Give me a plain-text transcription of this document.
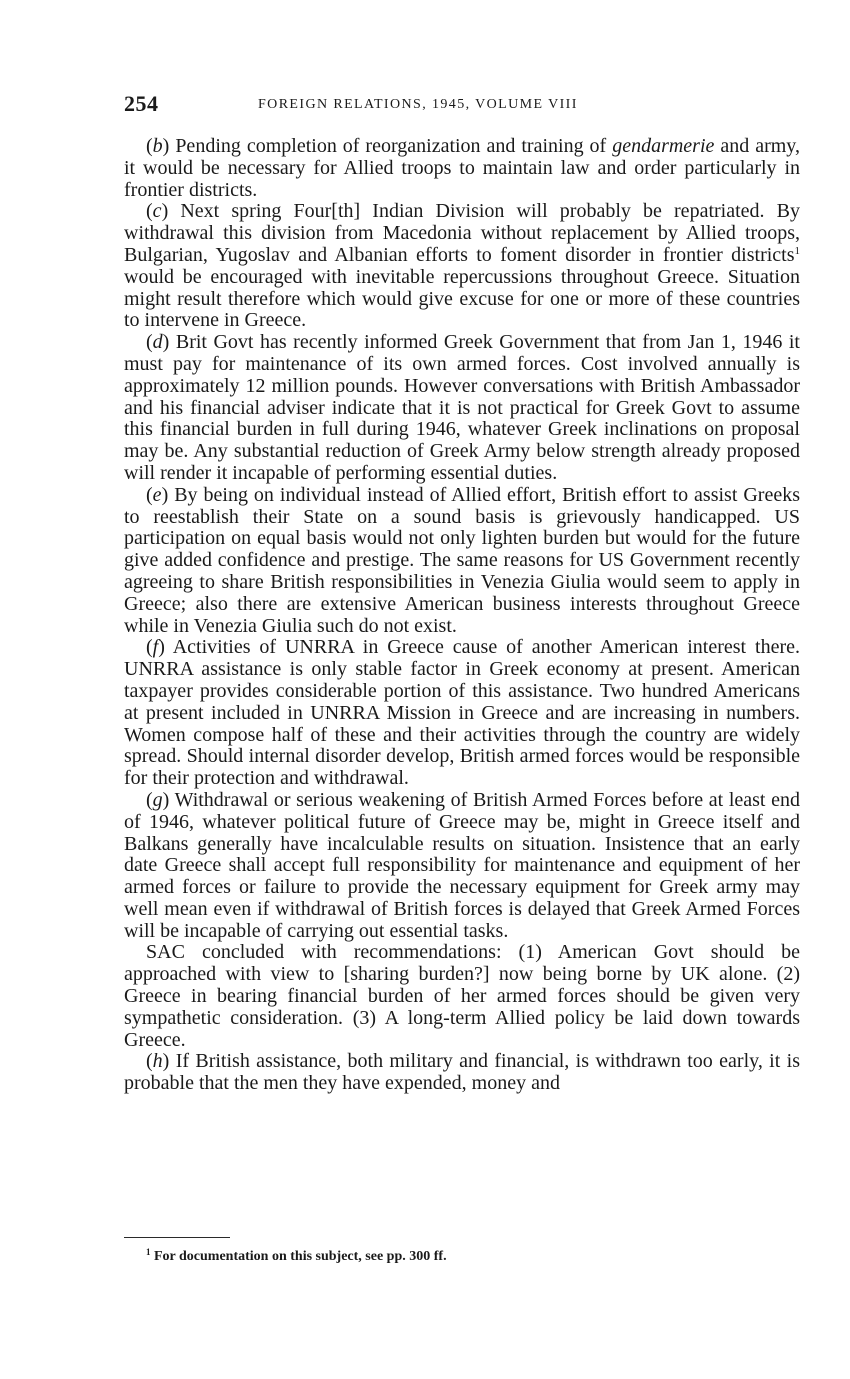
254	FOREIGN RELATIONS, 1945, VOLUME VIII

(b) Pending completion of reorganization and training of gendarmerie and army, it would be necessary for Allied troops to maintain law and order particularly in frontier districts.

(c) Next spring Four[th] Indian Division will probably be repatriated. By withdrawal this division from Macedonia without replacement by Allied troops, Bulgarian, Yugoslav and Albanian efforts to foment disorder in frontier districts$^1$ would be encouraged with inevitable repercussions throughout Greece. Situation might result therefore which would give excuse for one or more of these countries to intervene in Greece.

(d) Brit Govt has recently informed Greek Government that from Jan 1, 1946 it must pay for maintenance of its own armed forces. Cost involved annually is approximately 12 million pounds. However conversations with British Ambassador and his financial adviser indicate that it is not practical for Greek Govt to assume this financial burden in full during 1946, whatever Greek inclinations on proposal may be. Any substantial reduction of Greek Army below strength already proposed will render it incapable of performing essential duties.

(e) By being on individual instead of Allied effort, British effort to assist Greeks to reestablish their State on a sound basis is grievously handicapped. US participation on equal basis would not only lighten burden but would for the future give added confidence and prestige. The same reasons for US Government recently agreeing to share British responsibilities in Venezia Giulia would seem to apply in Greece; also there are extensive American business interests throughout Greece while in Venezia Giulia such do not exist.

(f) Activities of UNRRA in Greece cause of another American interest there. UNRRA assistance is only stable factor in Greek economy at present. American taxpayer provides considerable portion of this assistance. Two hundred Americans at present included in UNRRA Mission in Greece and are increasing in numbers. Women compose half of these and their activities through the country are widely spread. Should internal disorder develop, British armed forces would be responsible for their protection and withdrawal.

(g) Withdrawal or serious weakening of British Armed Forces before at least end of 1946, whatever political future of Greece may be, might in Greece itself and Balkans generally have incalculable results on situation. Insistence that an early date Greece shall accept full responsibility for maintenance and equipment of her armed forces or failure to provide the necessary equipment for Greek army may well mean even if withdrawal of British forces is delayed that Greek Armed Forces will be incapable of carrying out essential tasks.

SAC concluded with recommendations: (1) American Govt should be approached with view to [sharing burden?] now being borne by UK alone. (2) Greece in bearing financial burden of her armed forces should be given very sympathetic consideration. (3) A long-term Allied policy be laid down towards Greece.

(h) If British assistance, both military and financial, is withdrawn too early, it is probable that the men they have expended, money and

$^1$ For documentation on this subject, see pp. 300 ff.
